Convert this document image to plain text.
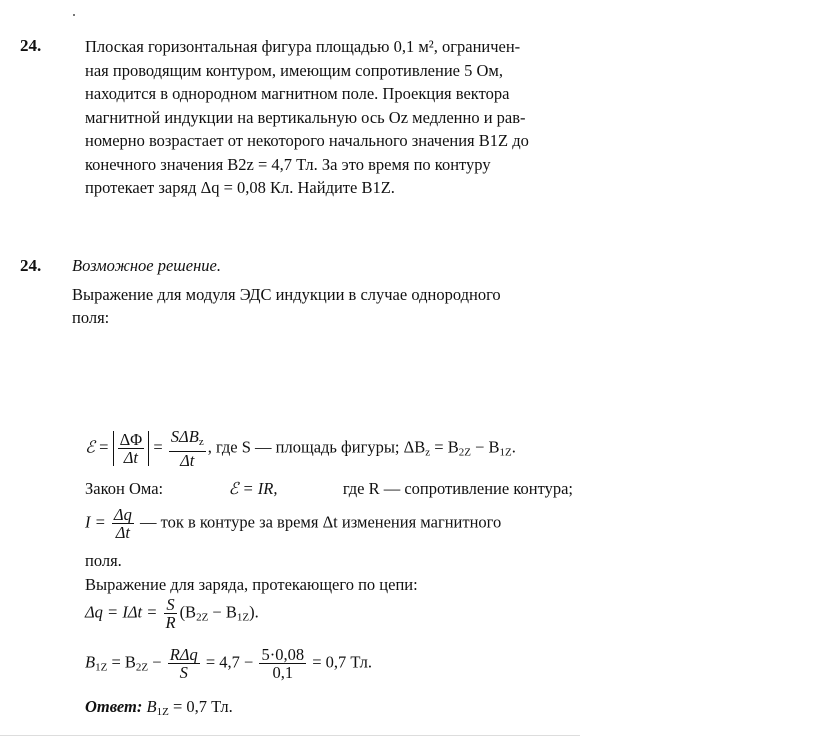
24.	Плоская горизонтальная фигура площадью 0,1 м², ограничен-
ная проводящим контуром, имеющим сопротивление 5 Ом,
находится в однородном магнитном поле. Проекция вектора
магнитной индукции на вертикальную ось Oz медленно и рав-
номерно возрастает от некоторого начального значения B1Z до
конечного значения B2z = 4,7 Тл. За это время по контуру
протекает заряд Δq = 0,08 Кл. Найдите B1Z.
24. Возможное решение.
Выражение для модуля ЭДС индукции в случае однородного
поля:
ℰ = $\frac{\Delta\Phi}{\Delta t} = \frac{S\Delta B_z}{\Delta t}$ , где S — площадь фигуры; $\Delta B_z = B_{2Z} - B_{1Z}$.
Закон Ома:	ℰ = IR,	где R — сопротивление контура;
$I = \frac{\Delta q}{\Delta t}$ — ток в контуре за время Δt изменения магнитного
поля.
Выражение для заряда, протекающего по цепи:
$\Delta q = I\Delta t = \frac{S}{R} (B_{2Z} - B_{1Z})$.
$B_{1Z} = B_{2Z} - \frac{\text{RΔq}}{S} = 4,7 - \frac{5\cdot 0,08}{0,1} = 0,7$ Тл.
Ответ: $B_{1Z} = 0,7$ Тл.
